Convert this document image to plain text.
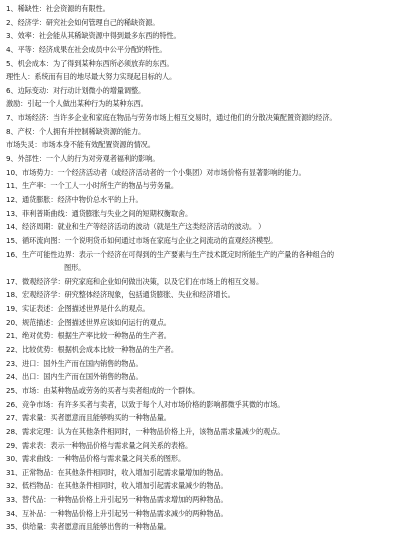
1、稀缺性：社会资源的有限性。
2、经济学：研究社会如何管理自己的稀缺资源。
3、效率：社会能从其稀缺资源中得到最多东西的特性。
4、平等：经济成果在社会成员中公平分配的特性。
5、机会成本：为了得到某种东西所必须放弃的东西。
理性人：系统而有目的地尽最大努力实现起目标的人。
6、边际变动：对行动计划微小的增量调整。
激励：引起一个人做出某种行为的某种东西。
7、市场经济：当许多企业和家庭在物品与劳务市场上相互交易时，通过他们的分散决策配置资源的经济。
8、产权：个人拥有并控制稀缺资源的能力。
市场失灵：市场本身不能有效配置资源的情况。
9、外部性：一个人的行为对旁观者福利的影响。
10、市场势力：一个经济活动者（或经济活动者的一个小集团）对市场价格有显著影响的能力。
11、生产率：一个工人一小时所生产的物品与劳务量。
12、通货膨胀：经济中物价总水平的上升。
13、菲利普斯曲线：通货膨胀与失业之间的短期权衡取舍。
14、经济周期：就业和生产等经济活动的波动（就是生产这类经济活动的波动。 ）
15、循环流向图：一个说明货币如何通过市场在家庭与企业之间流动的直观经济模型。
16、生产可能性边界：表示一个经济在可得到的生产要素与生产技术既定时所能生产的产量的各种组合的
图形。
17、微观经济学：研究家庭和企业如何做出决策，以及它们在市场上的相互交易。
18、宏观经济学：研究整体经济现象，包括通货膨胀、失业和经济增长。
19、实证表述：企图描述世界是什么的观点。
20、规范描述：企图描述世界应该如何运行的观点。
21、绝对优势：根据生产率比较一种物品的生产者。
22、比较优势：根据机会成本比较一种物品的生产者。
23、进口：国外生产而在国内销售的物品。
24、出口：国内生产而在国外销售的物品。
25、市场：由某种物品或劳务的买者与卖者组成的一个群体。
26、竞争市场：有许多买者与卖者，以致于每个人对市场价格的影响都微乎其微的市场。
27、需求量：买者愿意而且能够购买的一种物品量。
28、需求定理：认为在其他条件相同时，一种物品价格上升，该物品需求量减少的观点。
29、需求表：表示一种物品价格与需求量之间关系的表格。
30、需求曲线：一种物品价格与需求量之间关系的图形。
31、正常物品：在其他条件相同时，收入增加引起需求量增加的物品。
32、低档物品：在其他条件相同时，收入增加引起需求量减少的物品。
33、替代品：一种物品价格上升引起另一种物品需求增加的两种物品。
34、互补品：一种物品价格上升引起另一种物品需求减少的两种物品。
35、供给量：卖者愿意而且能够出售的一种物品量。
